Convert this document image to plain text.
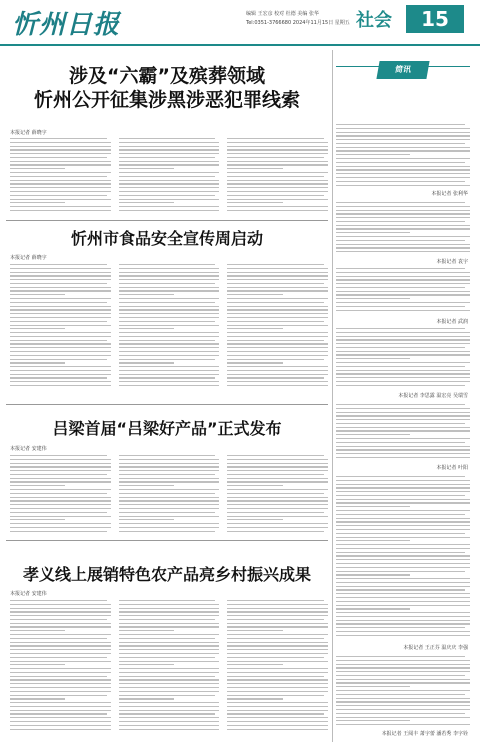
忻州日报	编辑 王宏彦 校对 杜德 美编 张华
Tel:0351-3766680 2024年11月15日 星期五 社会	15
涉及“六霸”及殡葬领域
忻州公开征集涉黑涉恶犯罪线索
本报记者 薛晓宇
忻州市食品安全宣传周启动
本报记者 薛晓宇
吕梁首届“吕梁好产品”正式发布
本报记者 安建伟
孝义线上展销特色农产品亮乡村振兴成果
本报记者 安建伟
简讯
本报记者 张利华
本报记者 袁宇
本报记者 武润
本报记者 李思露 温宏亮 吴瑞雪
本报记者 叶阳
本报记者 王正芬 温庆庆 李强
本报记者 王阅丰 萧宇蕾 潘若秀 李字铨
